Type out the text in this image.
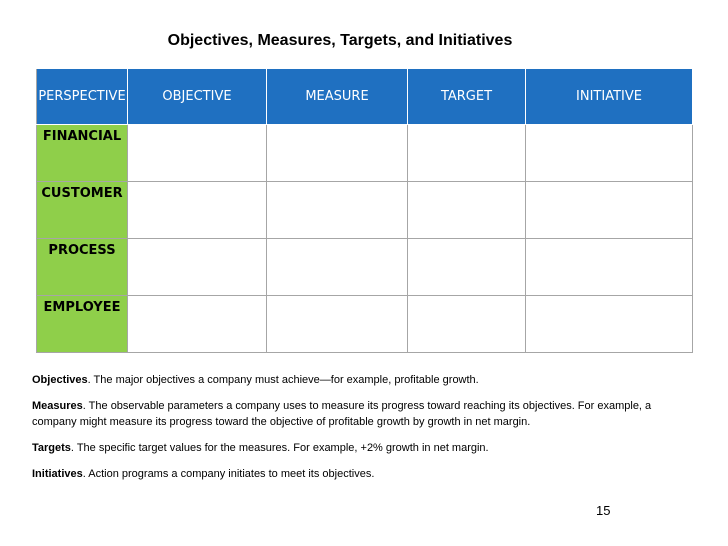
Objectives, Measures, Targets, and Initiatives
PERSPECTIVE	OBJECTIVE	MEASURE	TARGET	INITIATIVE
FINANCIAL				
CUSTOMER				
PROCESS				
EMPLOYEE				

Objectives. The major objectives a company must achieve—for example, profitable growth.

Measures. The observable parameters a company uses to measure its progress toward reaching its objectives. For example, a company might measure its progress toward the objective of profitable growth by growth in net margin.

Targets. The specific target values for the measures. For example, +2% growth in net margin.

Initiatives. Action programs a company initiates to meet its objectives.

15
